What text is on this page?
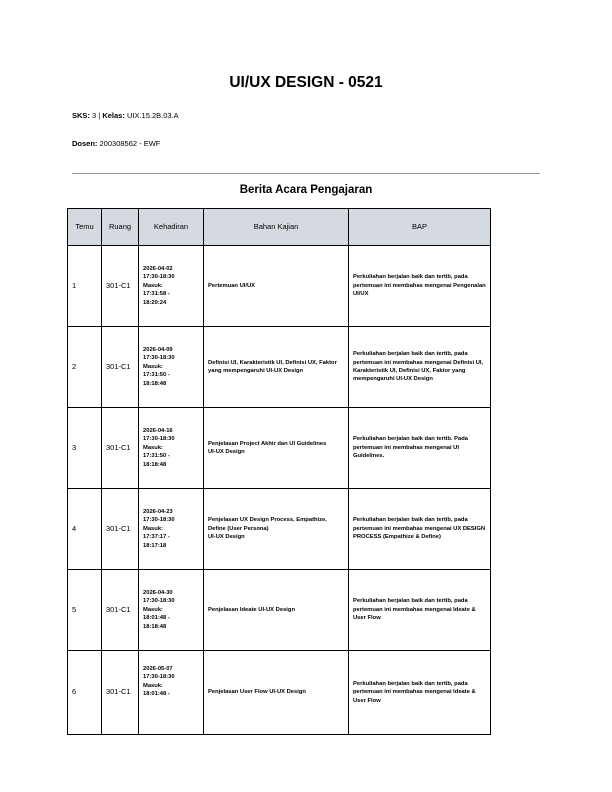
UI/UX DESIGN - 0521
SKS: 3 | Kelas: UIX.15.2B.03.A
Dosen: 200308562 - EWF
Berita Acara Pengajaran
Temu	Ruang	Kehadiran	Bahan Kajian	BAP
1	301-C1	2026-04-02
17:30-18:30
Masuk:
17:31:58 -
18:20:24	Pertemuan UI/UX	Perkuliahan berjalan baik dan tertib, pada pertemuan ini membahas mengenai Pengenalan UI/UX

2	301-C1	2026-04-09
17:30-18:30
Masuk:
17:31:50 -
18:18:48	Definisi UI, Karakteristik UI, Definisi UX, Faktor yang mempengaruhi UI-UX Design	Perkuliahan berjalan baik dan tertib, pada pertemuan ini membahas mengenai Definisi UI, Karakteristik UI, Definisi UX, Faktor yang mempengaruhi UI-UX Design

3	301-C1	2026-04-16
17:30-18:30
Masuk:
17:31:50 -
18:18:48	Penjelasan Project Akhir dan UI Guidelines
UI-UX Design	Perkuliahan berjalan baik dan tertib. Pada pertemuan ini membahas mengenai UI Guidelines.

4	301-C1	2026-04-23
17:30-18:30
Masuk:
17:37:17 -
18:17:18	Penjelasan UX Design Process, Empathize, Define (User Persona)
UI-UX Design	Perkuliahan berjalan baik dan tertib, pada pertemuan ini membahas mengenai UX DESIGN PROCESS (Empathize & Define)

5	301-C1	2026-04-30
17:30-18:30
Masuk:
18:01:48 -
18:18:48	Penjelasan Ideate UI-UX Design	Perkuliahan berjalan baik dan tertib, pada pertemuan ini membahas mengenai Ideate & User Flow

6	301-C1	2026-05-07
17:30-18:30
Masuk:
18:01:48 -	Penjelasan User Flow UI-UX Design	Perkuliahan berjalan baik dan tertib, pada pertemuan ini membahas mengenai Ideate & User Flow
